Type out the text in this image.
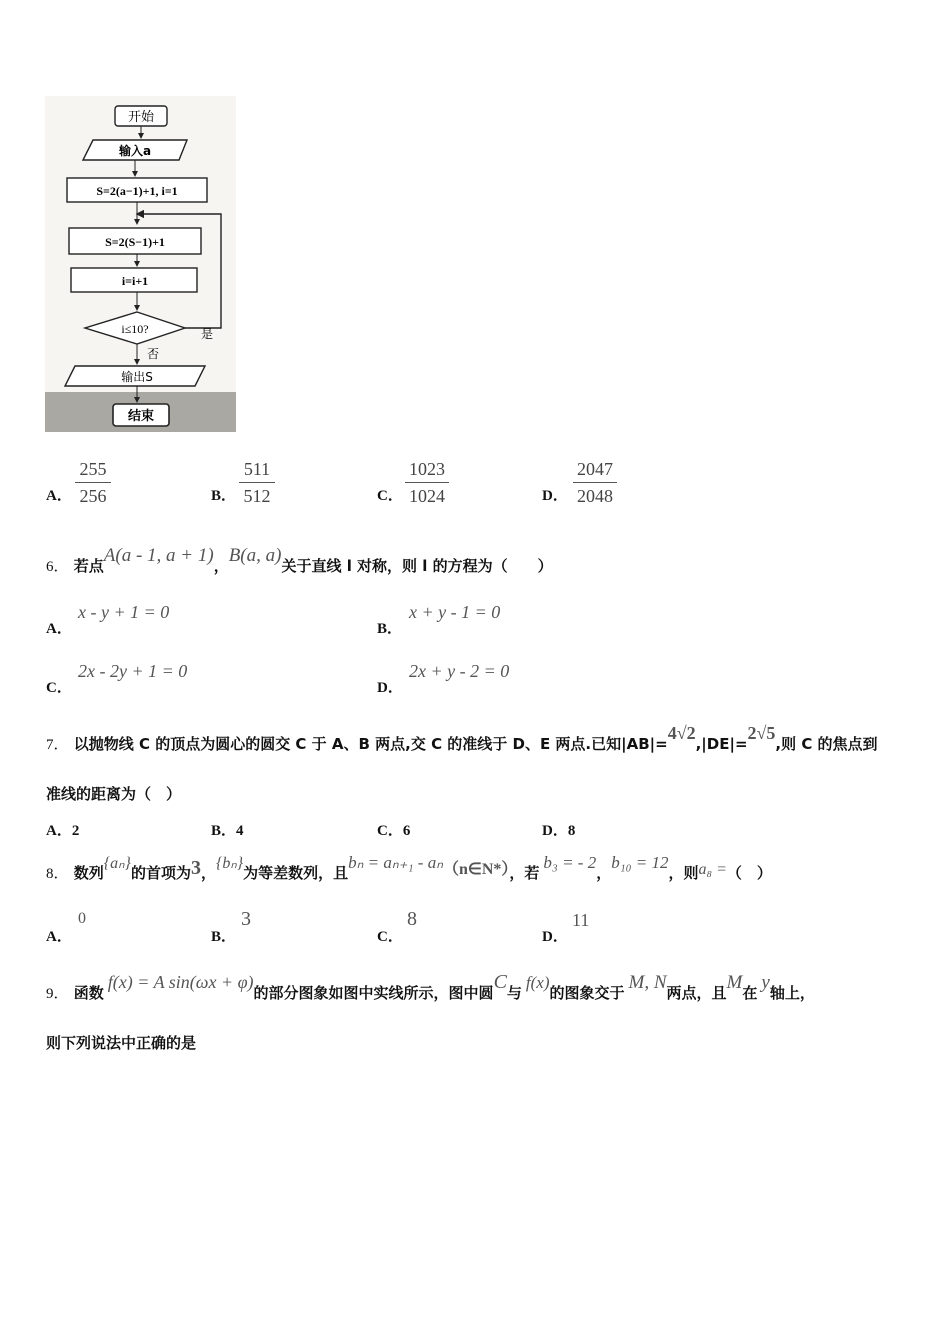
开始
输入a
S=2(a−1)+1, i=1
S=2(S−1)+1
i=i+1
i≤10?	是
否
输出S
结束
A．
255
256	B．
511
512	C．
1023
1024	D．
2047
2048
6． 若点A(a - 1, a + 1)，B(a, a)关于直线 l 对称，则 l 的方程为（　　）
A．
x - y + 1 = 0
B．
x + y - 1 = 0
C．
2x - 2y + 1 = 0
D．
2x + y - 2 = 0
7． 以抛物线 C 的顶点为圆心的圆交 C 于 A、B 两点,交 C 的准线于 D、E 两点.已知|AB|=4√2,|DE|=2√5,则 C 的焦点到
准线的距离为（　）
A．2	B．4	C．6	D．8
8． 数列{aₙ}的首项为3，{bₙ}为等差数列，且bₙ = aₙ₊₁ - aₙ（n∈N*），若b₃ = - 2，b₁₀ = 12，则a₈ =（　）
A．
0
B．
3
C．
8
D．
11
9． 函数f(x) = A sin(ωx + φ)的部分图象如图中实线所示，图中圆C与f(x)的图象交于 M, N两点，且M在 y轴上，
则下列说法中正确的是
